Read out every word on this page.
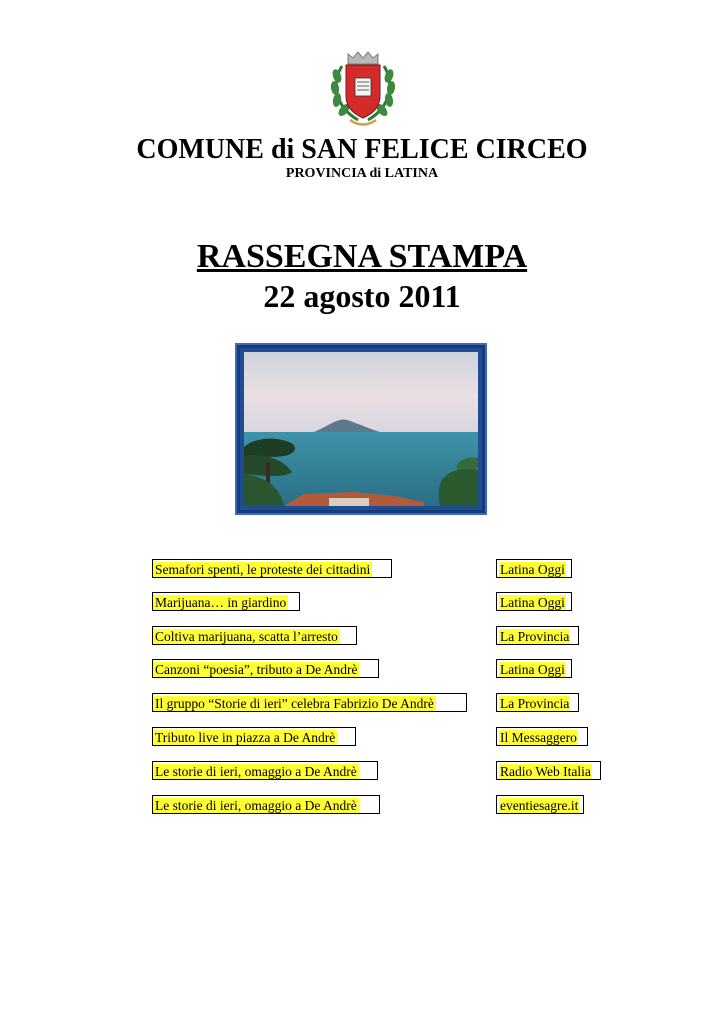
COMUNE di SAN FELICE CIRCEO
PROVINCIA di LATINA
RASSEGNA STAMPA
22 agosto 2011
Semafori spenti, le proteste dei cittadini	Latina Oggi
Marijuana… in giardino	Latina Oggi
Coltiva marijuana, scatta l’arresto	La Provincia
Canzoni “poesia”, tributo a De Andrè	Latina Oggi
Il gruppo “Storie di ieri” celebra Fabrizio De Andrè	La Provincia
Tributo live in piazza a De Andrè	Il Messaggero
Le storie di ieri, omaggio a De Andrè	Radio Web Italia
Le storie di ieri, omaggio a De Andrè	eventiesagre.it
